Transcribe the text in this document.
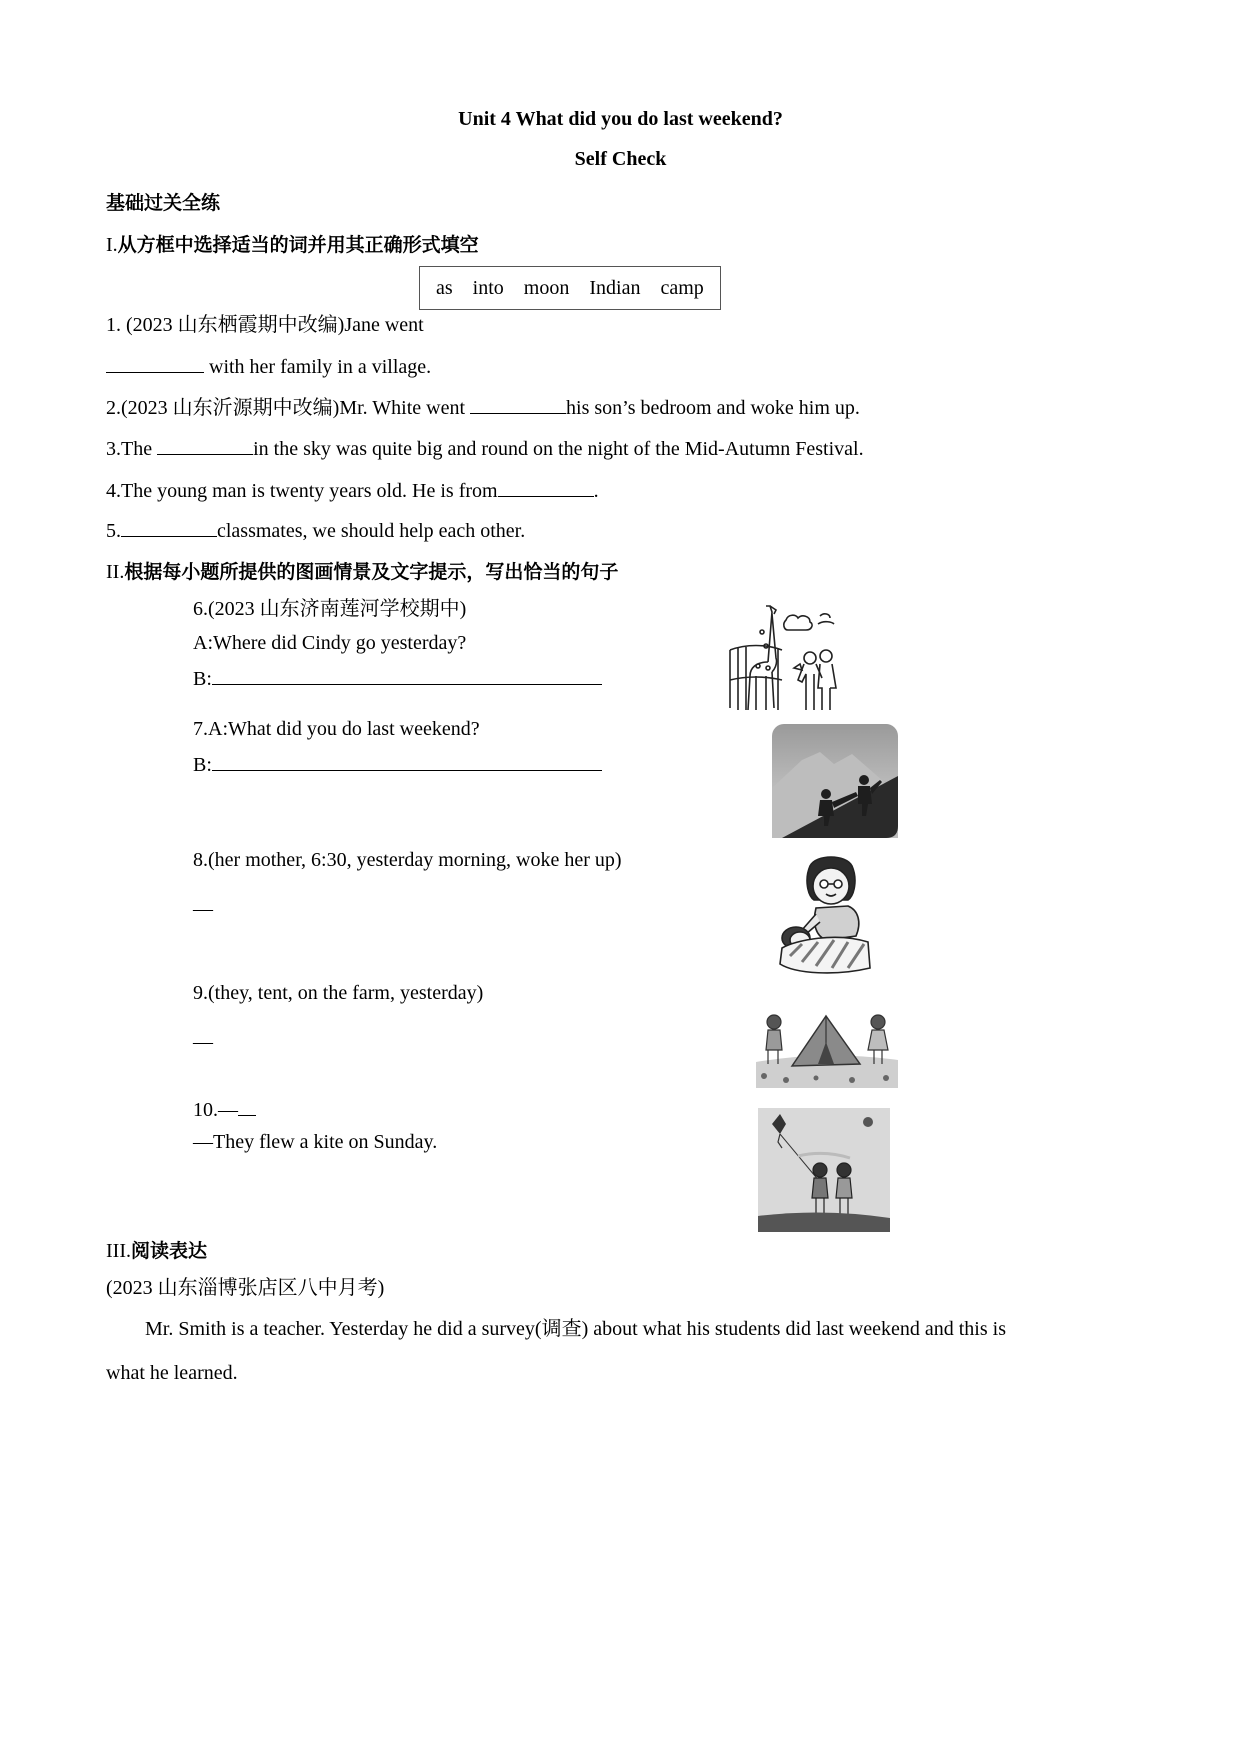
Unit 4 What did you do last weekend?
Self Check
基础过关全练
I.从方框中选择适当的词并用其正确形式填空
as into moon Indian camp
1. (2023 山东栖霞期中改编)Jane went
with her family in a village.
2.(2023 山东沂源期中改编)Mr. White went	his son’s bedroom and woke him up.
3.The	in the sky was quite big and round on the night of the Mid-Autumn Festival.
4.The young man is twenty years old. He is from	.
5.	classmates, we should help each other.
II.根据每小题所提供的图画情景及文字提示，写出恰当的句子
6.(2023 山东济南莲河学校期中)
A:Where did Cindy go yesterday?
B:
7.A:What did you do last weekend?
B:
8.(her mother, 6:30, yesterday morning, woke her up)
—
9.(they, tent, on the farm, yesterday)
—
10.—
—They flew a kite on Sunday.
III.阅读表达
(2023 山东淄博张店区八中月考)
Mr. Smith is a teacher. Yesterday he did a survey(调查) about what his students did last weekend and this is
what he learned.
